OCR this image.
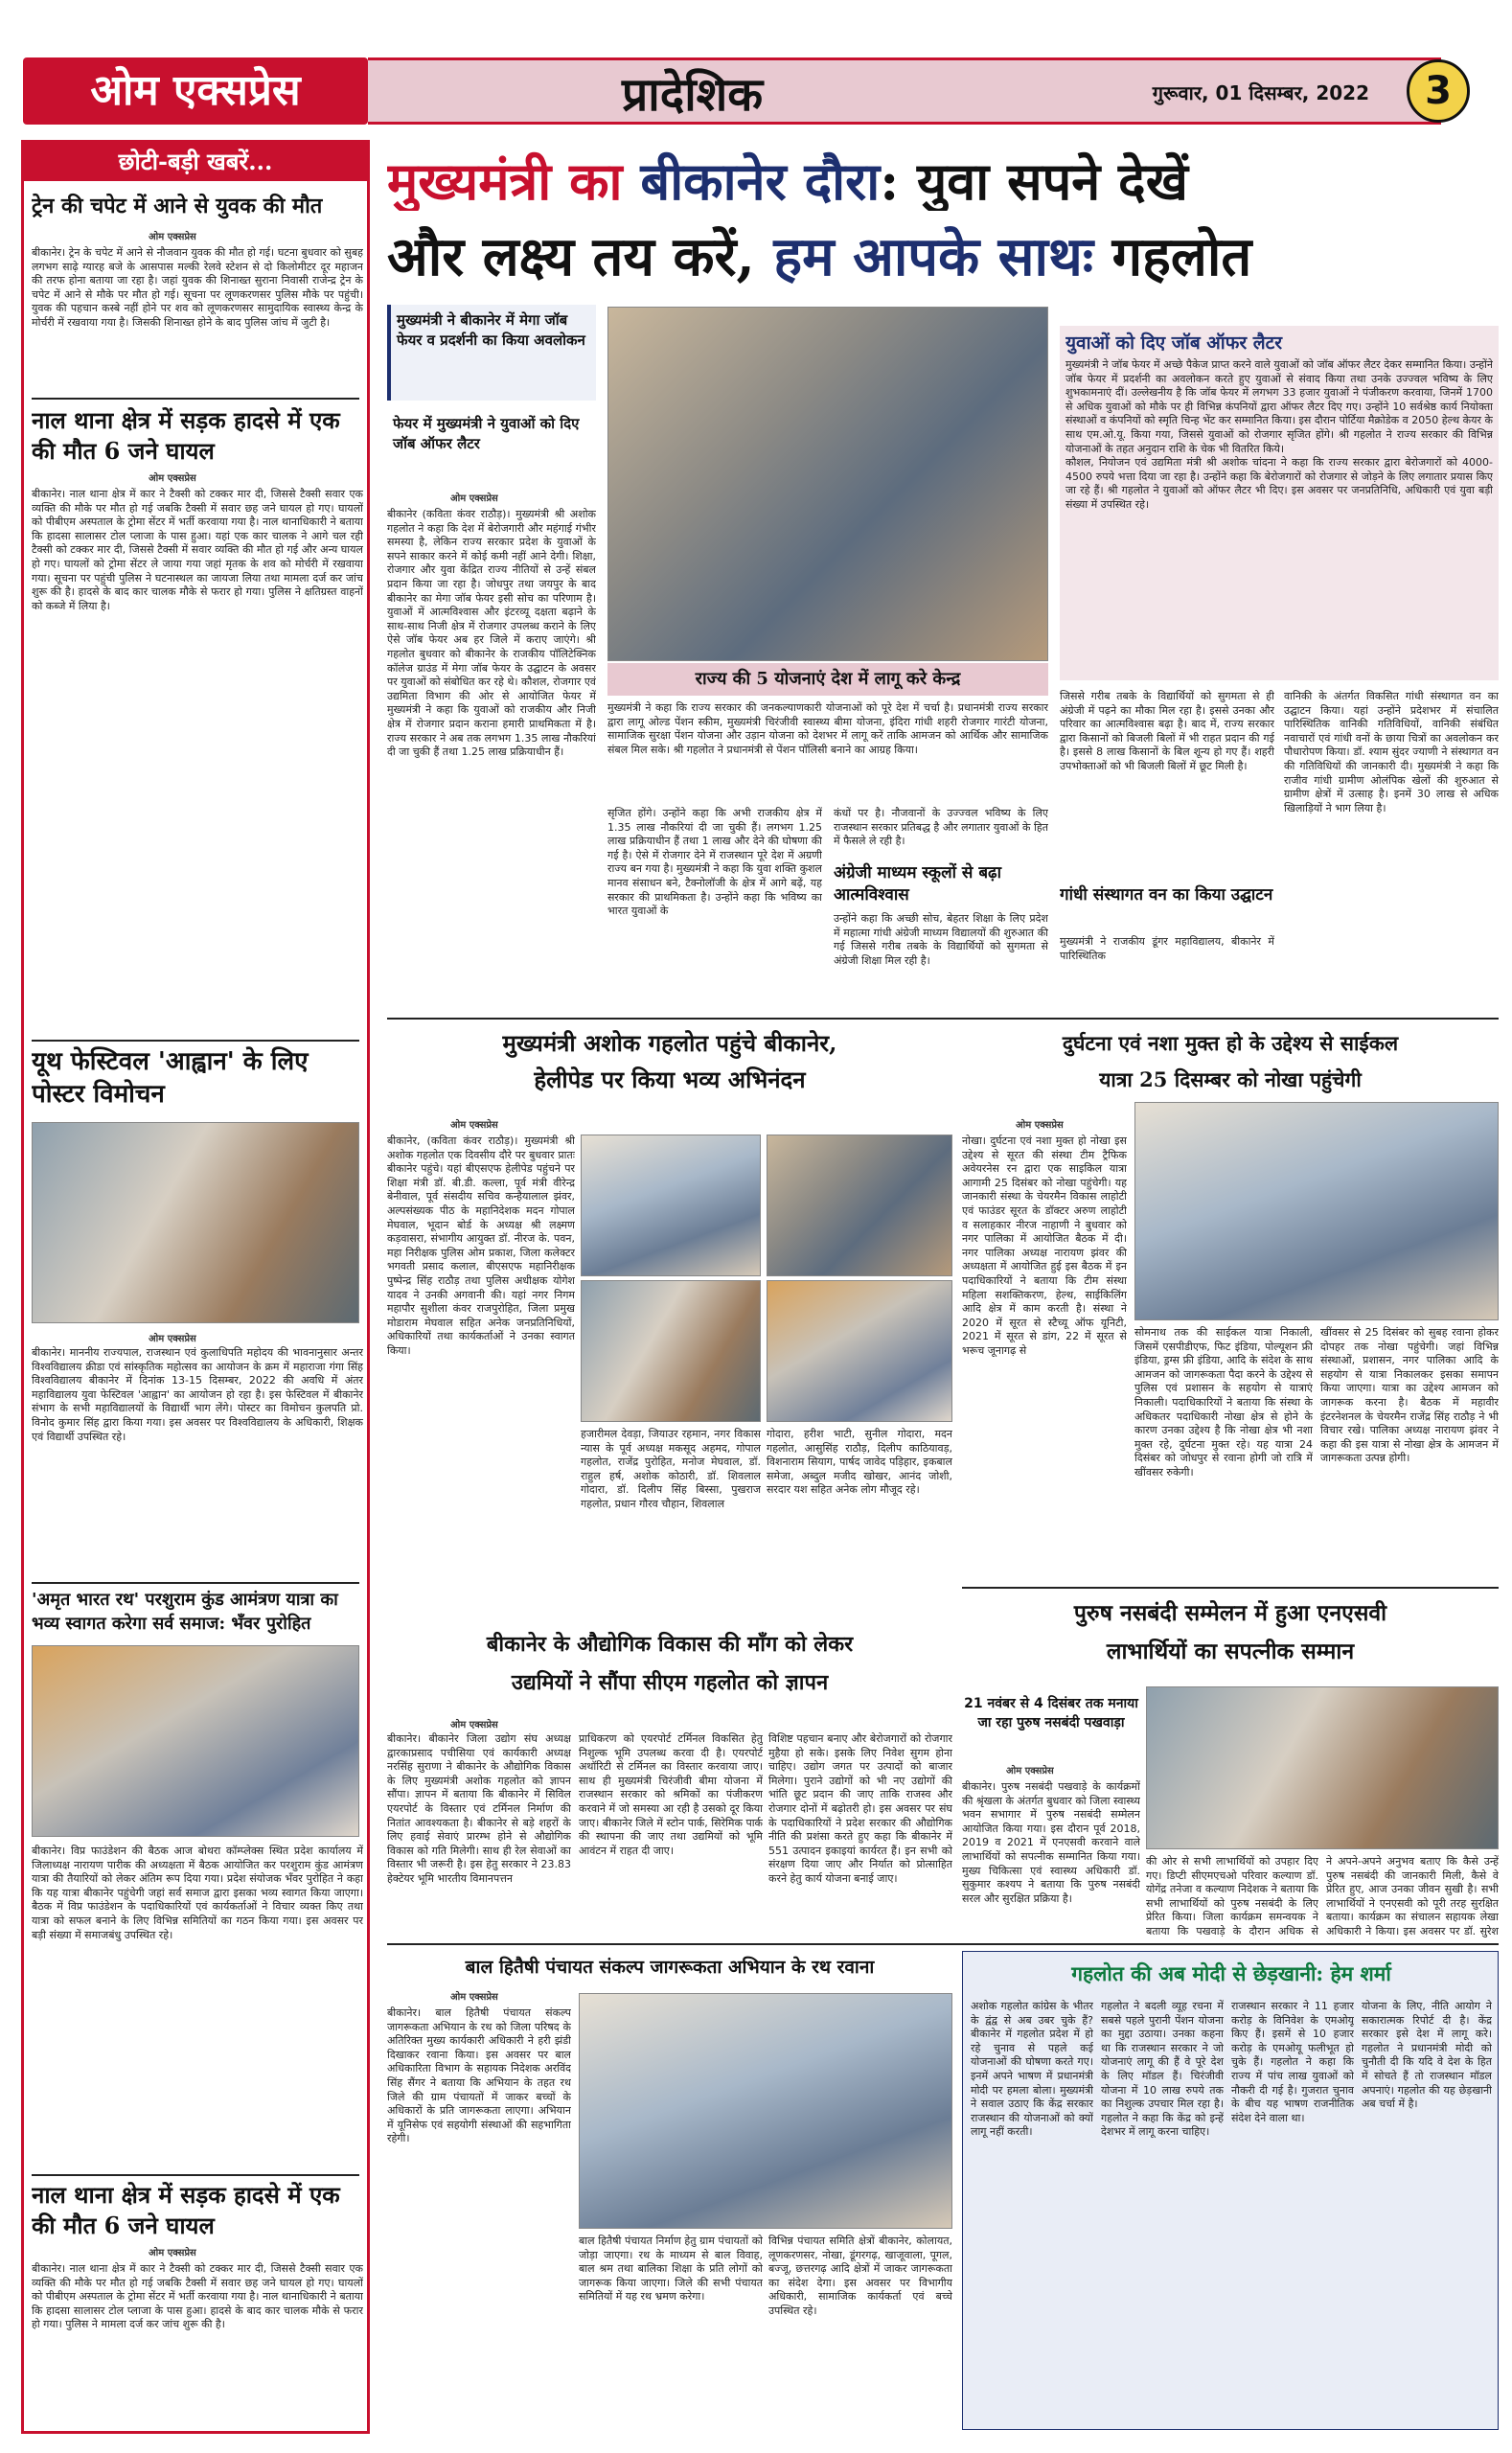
ओम एक्सप्रेस	प्रादेशिक	गुरूवार, 01 दिसम्बर, 2022	3
छोटी-बड़ी खबरें...
ट्रेन की चपेट में आने से युवक की मौत
ओम एक्सप्रेस
बीकानेर। ट्रेन के चपेट में आने से नौजवान युवक की मौत हो गई। घटना बुधवार को सुबह लगभग साढ़े ग्यारह बजे के आसपास मल्की रेलवे स्टेशन से दो किलोमीटर दूर महाजन की तरफ होना बताया जा रहा है। जहां युवक की शिनाख्त सुराना निवासी राजेन्द्र ट्रेन के चपेट में आने से मौके पर मौत हो गई। सूचना पर लूणकरणसर पुलिस मौके पर पहुंची। युवक की पहचान कस्बे नहीं होने पर शव को लूणकरणसर सामुदायिक स्वास्थ्य केन्द्र के मोर्चरी में रखवाया गया है। जिसकी शिनाख्त होने के बाद पुलिस जांच में जुटी है।
नाल थाना क्षेत्र में सड़क हादसे में एक की मौत 6 जने घायल
ओम एक्सप्रेस
बीकानेर। नाल थाना क्षेत्र में कार ने टैक्सी को टक्कर मार दी, जिससे टैक्सी सवार एक व्यक्ति की मौके पर मौत हो गई जबकि टैक्सी में सवार छह जने घायल हो गए। घायलों को पीबीएम अस्पताल के ट्रोमा सेंटर में भर्ती करवाया गया है। नाल थानाधिकारी ने बताया कि हादसा सालासर टोल प्लाजा के पास हुआ। यहां एक कार चालक ने आगे चल रही टैक्सी को टक्कर मार दी, जिससे टैक्सी में सवार व्यक्ति की मौत हो गई और अन्य घायल हो गए। घायलों को ट्रोमा सेंटर ले जाया गया जहां मृतक के शव को मोर्चरी में रखवाया गया। सूचना पर पहुंची पुलिस ने घटनास्थल का जायजा लिया तथा मामला दर्ज कर जांच शुरू की है। हादसे के बाद कार चालक मौके से फरार हो गया। पुलिस ने क्षतिग्रस्त वाहनों को कब्जे में लिया है।
यूथ फेस्टिवल 'आह्वान' के लिए पोस्टर विमोचन
ओम एक्सप्रेस
बीकानेर। माननीय राज्यपाल, राजस्थान एवं कुलाधिपति महोदय की भावनानुसार अन्तर विश्वविद्यालय क्रीडा एवं सांस्कृतिक महोत्सव का आयोजन के क्रम में महाराजा गंगा सिंह विश्वविद्यालय बीकानेर में दिनांक 13-15 दिसम्बर, 2022 की अवधि में अंतर महाविद्यालय युवा फेस्टिवल 'आह्वान' का आयोजन हो रहा है। इस फेस्टिवल में बीकानेर संभाग के सभी महाविद्यालयों के विद्यार्थी भाग लेंगे। पोस्टर का विमोचन कुलपति प्रो. विनोद कुमार सिंह द्वारा किया गया। इस अवसर पर विश्वविद्यालय के अधिकारी, शिक्षक एवं विद्यार्थी उपस्थित रहे।
'अमृत भारत रथ' परशुराम कुंड आमंत्रण यात्रा का भव्य स्वागत करेगा सर्व समाज: भँवर पुरोहित
बीकानेर। विप्र फाउंडेशन की बैठक आज बोथरा कॉम्प्लेक्स स्थित प्रदेश कार्यालय में जिलाध्यक्ष नारायण पारीक की अध्यक्षता में बैठक आयोजित कर परशुराम कुंड आमंत्रण यात्रा की तैयारियों को लेकर अंतिम रूप दिया गया। प्रदेश संयोजक भँवर पुरोहित ने कहा कि यह यात्रा बीकानेर पहुंचेगी जहां सर्व समाज द्वारा इसका भव्य स्वागत किया जाएगा। बैठक में विप्र फाउंडेशन के पदाधिकारियों एवं कार्यकर्ताओं ने विचार व्यक्त किए तथा यात्रा को सफल बनाने के लिए विभिन्न समितियों का गठन किया गया। इस अवसर पर बड़ी संख्या में समाजबंधु उपस्थित रहे।
नाल थाना क्षेत्र में सड़क हादसे में एक की मौत 6 जने घायल
ओम एक्सप्रेस
बीकानेर। नाल थाना क्षेत्र में कार ने टैक्सी को टक्कर मार दी, जिससे टैक्सी सवार एक व्यक्ति की मौके पर मौत हो गई जबकि टैक्सी में सवार छह जने घायल हो गए। घायलों को पीबीएम अस्पताल के ट्रोमा सेंटर में भर्ती करवाया गया है। नाल थानाधिकारी ने बताया कि हादसा सालासर टोल प्लाजा के पास हुआ। हादसे के बाद कार चालक मौके से फरार हो गया। पुलिस ने मामला दर्ज कर जांच शुरू की है।
मुख्यमंत्री का बीकानेर दौरा: युवा सपने देखें
और लक्ष्य तय करें, हम आपके साथः गहलोत
मुख्यमंत्री ने बीकानेर में मेगा जॉब फेयर व प्रदर्शनी का किया अवलोकन
फेयर में मुख्यमंत्री ने युवाओं को दिए जॉब ऑफर लैटर
ओम एक्सप्रेस
बीकानेर (कविता कंवर राठौड़)। मुख्यमंत्री श्री अशोक गहलोत ने कहा कि देश में बेरोजगारी और महंगाई गंभीर समस्या है, लेकिन राज्य सरकार प्रदेश के युवाओं के सपने साकार करने में कोई कमी नहीं आने देगी। शिक्षा, रोजगार और युवा केंद्रित राज्य नीतियों से उन्हें संबल प्रदान किया जा रहा है। जोधपुर तथा जयपुर के बाद बीकानेर का मेगा जॉब फेयर इसी सोच का परिणाम है। युवाओं में आत्मविश्वास और इंटरव्यू दक्षता बढ़ाने के साथ-साथ निजी क्षेत्र में रोजगार उपलब्ध कराने के लिए ऐसे जॉब फेयर अब हर जिले में कराए जाएंगे। श्री गहलोत बुधवार को बीकानेर के राजकीय पॉलिटेक्निक कॉलेज ग्राउंड में मेगा जॉब फेयर के उद्घाटन के अवसर पर युवाओं को संबोधित कर रहे थे। कौशल, रोजगार एवं उद्यमिता विभाग की ओर से आयोजित फेयर में मुख्यमंत्री ने कहा कि युवाओं को राजकीय और निजी क्षेत्र में रोजगार प्रदान कराना हमारी प्राथमिकता में है। राज्य सरकार ने अब तक लगभग 1.35 लाख नौकरियां दी जा चुकी हैं तथा 1.25 लाख प्रक्रियाधीन हैं।
राज्य की 5 योजनाएं देश में लागू करे केन्द्र
मुख्यमंत्री ने कहा कि राज्य सरकार की जनकल्याणकारी योजनाओं को पूरे देश में चर्चा है। प्रधानमंत्री राज्य सरकार द्वारा लागू ओल्ड पेंशन स्कीम, मुख्यमंत्री चिरंजीवी स्वास्थ्य बीमा योजना, इंदिरा गांधी शहरी रोजगार गारंटी योजना, सामाजिक सुरक्षा पेंशन योजना और उड़ान योजना को देशभर में लागू करें ताकि आमजन को आर्थिक और सामाजिक संबल मिल सके। श्री गहलोत ने प्रधानमंत्री से पेंशन पॉलिसी बनाने का आग्रह किया।
सृजित होंगे। उन्होंने कहा कि अभी राजकीय क्षेत्र में 1.35 लाख नौकरियां दी जा चुकी हैं। लगभग 1.25 लाख प्रक्रियाधीन हैं तथा 1 लाख और देने की घोषणा की गई है। ऐसे में रोजगार देने में राजस्थान पूरे देश में अग्रणी राज्य बन गया है। मुख्यमंत्री ने कहा कि युवा शक्ति कुशल मानव संसाधन बने, टैक्नोलॉजी के क्षेत्र में आगे बढ़ें, यह सरकार की प्राथमिकता है। उन्होंने कहा कि भविष्य का भारत युवाओं के
कंधों पर है। नौजवानों के उज्ज्वल भविष्य के लिए राजस्थान सरकार प्रतिबद्ध है और लगातार युवाओं के हित में फैसले ले रही है।
अंग्रेजी माध्यम स्कूलों से बढ़ा आत्मविश्वास
उन्होंने कहा कि अच्छी सोच, बेहतर शिक्षा के लिए प्रदेश में महात्मा गांधी अंग्रेजी माध्यम विद्यालयों की शुरुआत की गई जिससे गरीब तबके के विद्यार्थियों को सुगमता से अंग्रेजी शिक्षा मिल रही है।
युवाओं को दिए जॉब ऑफर लैटर
मुख्यमंत्री ने जॉब फेयर में अच्छे पैकेज प्राप्त करने वाले युवाओं को जॉब ऑफर लैटर देकर सम्मानित किया। उन्होंने जॉब फेयर में प्रदर्शनी का अवलोकन करते हुए युवाओं से संवाद किया तथा उनके उज्ज्वल भविष्य के लिए शुभकामनाएं दीं। उल्लेखनीय है कि जॉब फेयर में लगभग 33 हजार युवाओं ने पंजीकरण करवाया, जिनमें 1700 से अधिक युवाओं को मौके पर ही विभिन्न कंपनियों द्वारा ऑफर लैटर दिए गए। उन्होंने 10 सर्वश्रेष्ठ कार्य नियोक्ता संस्थाओं व कंपनियों को स्मृति चिन्ह भेंट कर सम्मानित किया। इस दौरान पोर्टिया मैक्रोडेक व 2050 हेल्थ केयर के साथ एम.ओ.यू. किया गया, जिससे युवाओं को रोजगार सृजित होंगे। श्री गहलोत ने राज्य सरकार की विभिन्न योजनाओं के तहत अनुदान राशि के चेक भी वितरित किये।
कौशल, नियोजन एवं उद्यमिता मंत्री श्री अशोक चांदना ने कहा कि राज्य सरकार द्वारा बेरोजगारों को 4000-4500 रुपये भत्ता दिया जा रहा है। उन्होंने कहा कि बेरोजगारों को रोजगार से जोड़ने के लिए लगातार प्रयास किए जा रहे हैं। श्री गहलोत ने युवाओं को ऑफर लैटर भी दिए। इस अवसर पर जनप्रतिनिधि, अधिकारी एवं युवा बड़ी संख्या में उपस्थित रहे।
जिससे गरीब तबके के विद्यार्थियों को सुगमता से ही अंग्रेजी में पढ़ने का मौका मिल रहा है। इससे उनका और परिवार का आत्मविश्वास बढ़ा है। बाद में, राज्य सरकार द्वारा किसानों को बिजली बिलों में भी राहत प्रदान की गई है। इससे 8 लाख किसानों के बिल शून्य हो गए हैं। शहरी उपभोक्ताओं को भी बिजली बिलों में छूट मिली है।
गांधी संस्थागत वन का किया उद्घाटन
मुख्यमंत्री ने राजकीय डूंगर महाविद्यालय, बीकानेर में पारिस्थितिक
वानिकी के अंतर्गत विकसित गांधी संस्थागत वन का उद्घाटन किया। यहां उन्होंने प्रदेशभर में संचालित पारिस्थितिक वानिकी गतिविधियों, वानिकी संबंधित नवाचारों एवं गांधी वनों के छाया चित्रों का अवलोकन कर पौधारोपण किया। डॉ. श्याम सुंदर ज्याणी ने संस्थागत वन की गतिविधियों की जानकारी दी। मुख्यमंत्री ने कहा कि राजीव गांधी ग्रामीण ओलंपिक खेलों की शुरुआत से ग्रामीण क्षेत्रों में उत्साह है। इनमें 30 लाख से अधिक खिलाड़ियों ने भाग लिया है।
मुख्यमंत्री अशोक गहलोत पहुंचे बीकानेर,
हेलीपेड पर किया भव्य अभिनंदन
ओम एक्सप्रेस
बीकानेर, (कविता कंवर राठौड़)। मुख्यमंत्री श्री अशोक गहलोत एक दिवसीय दौरे पर बुधवार प्रातः बीकानेर पहुंचे। यहां बीएसएफ हेलीपेड पहुंचने पर शिक्षा मंत्री डॉ. बी.डी. कल्ला, पूर्व मंत्री वीरेन्द्र बेनीवाल, पूर्व संसदीय सचिव कन्हैयालाल झंवर, अल्पसंख्यक पीठ के महानिदेशक मदन गोपाल मेघवाल, भूदान बोर्ड के अध्यक्ष श्री लक्ष्मण कड़वासरा, संभागीय आयुक्त डॉ. नीरज के. पवन, महा निरीक्षक पुलिस ओम प्रकाश, जिला कलेक्टर भगवती प्रसाद कलाल, बीएसएफ महानिरीक्षक पुष्पेन्द्र सिंह राठौड़ तथा पुलिस अधीक्षक योगेश यादव ने उनकी अगवानी की। यहां नगर निगम महापौर सुशीला कंवर राजपुरोहित, जिला प्रमुख मोडाराम मेघवाल सहित अनेक जनप्रतिनिधियों, अधिकारियों तथा कार्यकर्ताओं ने उनका स्वागत किया।
हजारीमल देवड़ा, जियाउर रहमान, नगर विकास न्यास के पूर्व अध्यक्ष मकसूद अहमद, गोपाल गहलोत, राजेंद्र पुरोहित, मनोज मेघवाल, डॉ. राहुल हर्ष, अशोक कोठारी, डॉ. शिवलाल गोदारा, डॉ. दिलीप सिंह बिस्सा, पुखराज गहलोत, प्रधान गौरव चौहान, शिवलाल
गोदारा, हरीश भाटी, सुनील गोदारा, मदन गहलोत, आसुसिंह राठौड़, दिलीप काठियावड़, विशनाराम सियाग, पार्षद जावेद पड़िहार, इकबाल समेजा, अब्दुल मजीद खोखर, आनंद जोशी, सरदार यश सहित अनेक लोग मौजूद रहे।
दुर्घटना एवं नशा मुक्त हो के उद्देश्य से साईकल
यात्रा 25 दिसम्बर को नोखा पहुंचेगी
ओम एक्सप्रेस
नोखा। दुर्घटना एवं नशा मुक्त हो नोखा इस उद्देश्य से सूरत की संस्था टीम ट्रैफिक अवेयरनेस रन द्वारा एक साइकिल यात्रा आगामी 25 दिसंबर को नोखा पहुंचेगी। यह जानकारी संस्था के चेयरमैन विकास लाहोटी एवं फाउंडर सूरत के डॉक्टर अरुण लाहोटी व सलाहकार नीरज नाहाणी ने बुधवार को नगर पालिका में आयोजित बैठक में दी। नगर पालिका अध्यक्ष नारायण झंवर की अध्यक्षता में आयोजित हुई इस बैठक में इन पदाधिकारियों ने बताया कि टीम संस्था महिला सशक्तिकरण, हेल्थ, साईकिलिंग आदि क्षेत्र में काम करती है। संस्था ने 2020 में सूरत से स्टैच्यू ऑफ यूनिटी, 2021 में सूरत से डांग, 22 में सूरत से भरूच जूनागढ़ से
सोमनाथ तक की साईकल यात्रा निकाली, जिसमें एसपीडीएफ, फिट इंडिया, पोल्यूशन फ्री इंडिया, ड्रग्स फ्री इंडिया, आदि के संदेश के साथ आमजन को जागरूकता पैदा करने के उद्देश्य से पुलिस एवं प्रशासन के सहयोग से यात्राएं निकाली। पदाधिकारियों ने बताया कि संस्था के अधिकतर पदाधिकारी नोखा क्षेत्र से होने के कारण उनका उद्देश्य है कि नोखा क्षेत्र भी नशा मुक्त रहे, दुर्घटना मुक्त रहे। यह यात्रा 24 दिसंबर को जोधपुर से रवाना होगी जो रात्रि में खींवसर रुकेगी।
खींवसर से 25 दिसंबर को सुबह रवाना होकर दोपहर तक नोखा पहुंचेगी। जहां विभिन्न संस्थाओं, प्रशासन, नगर पालिका आदि के सहयोग से यात्रा निकालकर इसका समापन किया जाएगा। यात्रा का उद्देश्य आमजन को जागरूक करना है। बैठक में महावीर इंटरनेशनल के चेयरमैन राजेंद्र सिंह राठौड़ ने भी विचार रखे। पालिका अध्यक्ष नारायण झंवर ने कहा की इस यात्रा से नोखा क्षेत्र के आमजन में जागरूकता उत्पन्न होगी।
पुरुष नसबंदी सम्मेलन में हुआ एनएसवी
लाभार्थियों का सपत्नीक सम्मान
21 नवंबर से 4 दिसंबर तक मनाया जा रहा पुरुष नसबंदी पखवाड़ा
ओम एक्सप्रेस
बीकानेर। पुरुष नसबंदी पखवाड़े के कार्यक्रमों की श्रृंखला के अंतर्गत बुधवार को जिला स्वास्थ्य भवन सभागार में पुरुष नसबंदी सम्मेलन आयोजित किया गया। इस दौरान पूर्व 2018, 2019 व 2021 में एनएसवी करवाने वाले लाभार्थियों को सपत्नीक सम्मानित किया गया। मुख्य चिकित्सा एवं स्वास्थ्य अधिकारी डॉ. सुकुमार कश्यप ने बताया कि पुरुष नसबंदी सरल और सुरक्षित प्रक्रिया है।
की ओर से सभी लाभार्थियों को उपहार दिए गए। डिप्टी सीएमएचओ परिवार कल्याण डॉ. योगेंद्र तनेजा व कल्याण निदेशक ने बताया कि सभी लाभार्थियों को पुरुष नसबंदी के लिए प्रेरित किया। जिला कार्यक्रम समन्वयक ने बताया कि पखवाड़े के दौरान अधिक से
ने अपने-अपने अनुभव बताए कि कैसे उन्हें पुरुष नसबंदी की जानकारी मिली, कैसे वे प्रेरित हुए, आज उनका जीवन सुखी है। सभी लाभार्थियों ने एनएसवी को पूरी तरह सुरक्षित बताया। कार्यक्रम का संचालन सहायक लेखा अधिकारी ने किया। इस अवसर पर डॉ. सुरेश
बीकानेर के औद्योगिक विकास की माँग को लेकर
उद्यमियों ने सौंपा सीएम गहलोत को ज्ञापन
ओम एक्सप्रेस
बीकानेर। बीकानेर जिला उद्योग संघ अध्यक्ष द्वारकाप्रसाद पचीसिया एवं कार्यकारी अध्यक्ष नरसिंह सुराणा ने बीकानेर के औद्योगिक विकास के लिए मुख्यमंत्री अशोक गहलोत को ज्ञापन सौंपा। ज्ञापन में बताया कि बीकानेर में सिविल एयरपोर्ट के विस्तार एवं टर्मिनल निर्माण की नितांत आवश्यकता है। बीकानेर से बड़े शहरों के लिए हवाई सेवाएं प्रारम्भ होने से औद्योगिक विकास को गति मिलेगी। साथ ही रेल सेवाओं का विस्तार भी जरूरी है। इस हेतु सरकार ने 23.83 हेक्टेयर भूमि भारतीय विमानपत्तन
प्राधिकरण को एयरपोर्ट टर्मिनल विकसित हेतु निशुल्क भूमि उपलब्ध करवा दी है। एयरपोर्ट अथॉरिटी से टर्मिनल का विस्तार करवाया जाए। साथ ही मुख्यमंत्री चिरंजीवी बीमा योजना में राजस्थान सरकार को श्रमिकों का पंजीकरण करवाने में जो समस्या आ रही है उसको दूर किया जाए। बीकानेर जिले में स्टोन पार्क, सिरेमिक पार्क की स्थापना की जाए तथा उद्यमियों को भूमि आवंटन में राहत दी जाए।
विशिष्ट पहचान बनाए और बेरोजगारों को रोजगार मुहैया हो सके। इसके लिए निवेश सुगम होना चाहिए। उद्योग जगत पर उत्पादों को बाजार मिलेगा। पुराने उद्योगों को भी नए उद्योगों की भांति छूट प्रदान की जाए ताकि राजस्व और रोजगार दोनों में बढ़ोतरी हो। इस अवसर पर संघ के पदाधिकारियों ने प्रदेश सरकार की औद्योगिक नीति की प्रशंसा करते हुए कहा कि बीकानेर में 551 उत्पादन इकाइयां कार्यरत हैं। इन सभी को संरक्षण दिया जाए और निर्यात को प्रोत्साहित करने हेतु कार्य योजना बनाई जाए।
बाल हितैषी पंचायत संकल्प जागरूकता अभियान के रथ रवाना
ओम एक्सप्रेस
बीकानेर। बाल हितैषी पंचायत संकल्प जागरूकता अभियान के रथ को जिला परिषद के अतिरिक्त मुख्य कार्यकारी अधिकारी ने हरी झंडी दिखाकर रवाना किया। इस अवसर पर बाल अधिकारिता विभाग के सहायक निदेशक अरविंद सिंह सैंगर ने बताया कि अभियान के तहत रथ जिले की ग्राम पंचायतों में जाकर बच्चों के अधिकारों के प्रति जागरूकता लाएगा। अभियान में यूनिसेफ एवं सहयोगी संस्थाओं की सहभागिता रहेगी।
बाल हितैषी पंचायत निर्माण हेतु ग्राम पंचायतों को जोड़ा जाएगा। रथ के माध्यम से बाल विवाह, बाल श्रम तथा बालिका शिक्षा के प्रति लोगों को जागरूक किया जाएगा। जिले की सभी पंचायत समितियों में यह रथ भ्रमण करेगा।
विभिन्न पंचायत समिति क्षेत्रों बीकानेर, कोलायत, लूणकरणसर, नोखा, डूंगरगढ़, खाजूवाला, पूगल, बज्जू, छत्तरगढ़ आदि क्षेत्रों में जाकर जागरूकता का संदेश देगा। इस अवसर पर विभागीय अधिकारी, सामाजिक कार्यकर्ता एवं बच्चे उपस्थित रहे।
गहलोत की अब मोदी से छेड़खानी: हेम शर्मा
अशोक गहलोत कांग्रेस के भीतर के द्वंद्व से अब उबर चुके हैं? बीकानेर में गहलोत प्रदेश में हो रहे चुनाव से पहले कई योजनाओं की घोषणा करते गए। इनमें अपने भाषण में प्रधानमंत्री मोदी पर हमला बोला। मुख्यमंत्री ने सवाल उठाए कि केंद्र सरकार राजस्थान की योजनाओं को क्यों लागू नहीं करती।
गहलोत ने बदली व्यूह रचना में सबसे पहले पुरानी पेंशन योजना का मुद्दा उठाया। उनका कहना था कि राजस्थान सरकार ने जो योजनाएं लागू की हैं वे पूरे देश के लिए मॉडल हैं। चिरंजीवी योजना में 10 लाख रुपये तक का निशुल्क उपचार मिल रहा है। गहलोत ने कहा कि केंद्र को इन्हें देशभर में लागू करना चाहिए।
राजस्थान सरकार ने 11 हजार करोड़ के विनिवेश के एमओयू किए हैं। इसमें से 10 हजार करोड़ के एमओयू फलीभूत हो चुके हैं। गहलोत ने कहा कि राज्य में पांच लाख युवाओं को नौकरी दी गई है। गुजरात चुनाव के बीच यह भाषण राजनीतिक संदेश देने वाला था।
योजना के लिए, नीति आयोग ने सकारात्मक रिपोर्ट दी है। केंद्र सरकार इसे देश में लागू करे। गहलोत ने प्रधानमंत्री मोदी को चुनौती दी कि यदि वे देश के हित में सोचते हैं तो राजस्थान मॉडल अपनाएं। गहलोत की यह छेड़खानी अब चर्चा में है।
